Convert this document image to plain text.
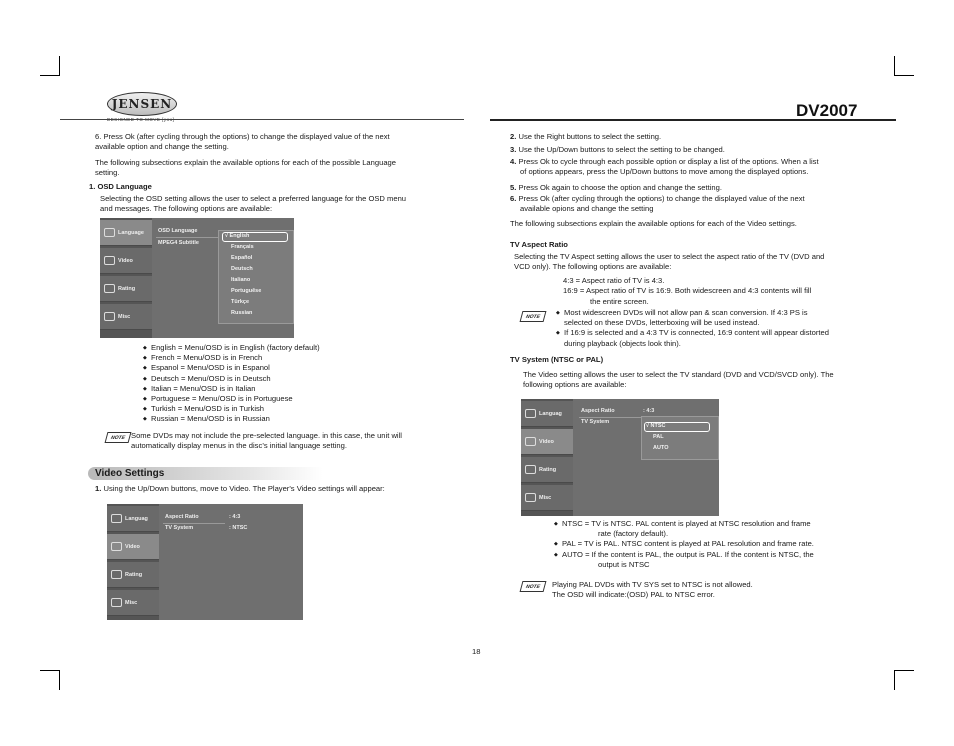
JENSEN	DV2007
6. Press Ok (after cycling through the options) to change the displayed value of the next
available option and change the setting.
The following subsections explain the available options for each of the possible Language
setting.
1. OSD Language
Selecting the OSD setting allows the user to select a preferred language for the OSD menu
and messages. The following options are available:
Language
Video
Rating
Misc
OSD Language
MPEG4 Subtitle
√ English
Français
Español
Deutsch
Italiano
Portuguêse
Türkçe
Russian
◆ English = Menu/OSD is in English (factory default)
◆ French = Menu/OSD is in French
◆ Espanol = Menu/OSD is in Espanol
◆ Deutsch = Menu/OSD is in Deutsch
◆ Italian = Menu/OSD is in Italian
◆ Portuguese = Menu/OSD is in Portuguese
◆ Turkish = Menu/OSD is in Turkish
◆ Russian = Menu/OSD is in Russian
NOTE Some DVDs may not include the pre-selected language. in this case, the unit will
automatically display menus in the disc’s initial language setting.
Video Settings
1. Using the Up/Down buttons, move to Video. The Player's Video settings will appear:
Languag
Video
Rating
Misc
Aspect Ratio	: 4:3
TV System	: NTSC
2. Use the Right buttons to select the setting.
3. Use the Up/Down buttons to select the setting to be changed.
4. Press Ok to cycle through each possible option or display a list of the options. When a list
of options appears, press the Up/Down buttons to move among the displayed options.
5. Press Ok again to choose the option and change the setting.
6. Press Ok (after cycling through the options) to change the displayed value of the next
available opions and change the setting
The following subsections explain the available options for each of the Video settings.
TV Aspect Ratio
Selecting the TV Aspect setting allows the user to select the aspect ratio of the TV (DVD and
VCD only). The following options are available:
4:3 = Aspect ratio of TV is 4:3.
16:9 = Aspect ratio of TV is 16:9. Both widescreen and 4:3 contents will fill
the entire screen.
NOTE
◆	Most widescreen DVDs will not allow pan & scan conversion. If 4:3 PS is
selected on these DVDs, letterboxing will be used instead.
◆ If 16:9 is selected and a 4:3 TV is connected, 16:9 content will appear distorted
during playback (objects look thin).
TV System (NTSC or PAL)
The Video setting allows the user to select the TV standard (DVD and VCD/SVCD only). The
following options are available:
Languag
Video
Rating
Misc
Aspect Ratio	: 4:3
TV System
√ NTSC
PAL
AUTO
◆ NTSC = TV is NTSC. PAL content is played at NTSC resolution and frame
rate (factory default).
◆ PAL = TV is PAL. NTSC content is played at PAL resolution and frame rate.
◆ AUTO = If the content is PAL, the output is PAL. If the content is NTSC, the
output is NTSC
NOTE	Playing PAL DVDs with TV SYS set to NTSC is not allowed.
The OSD will indicate:(OSD) PAL to NTSC error.
18
